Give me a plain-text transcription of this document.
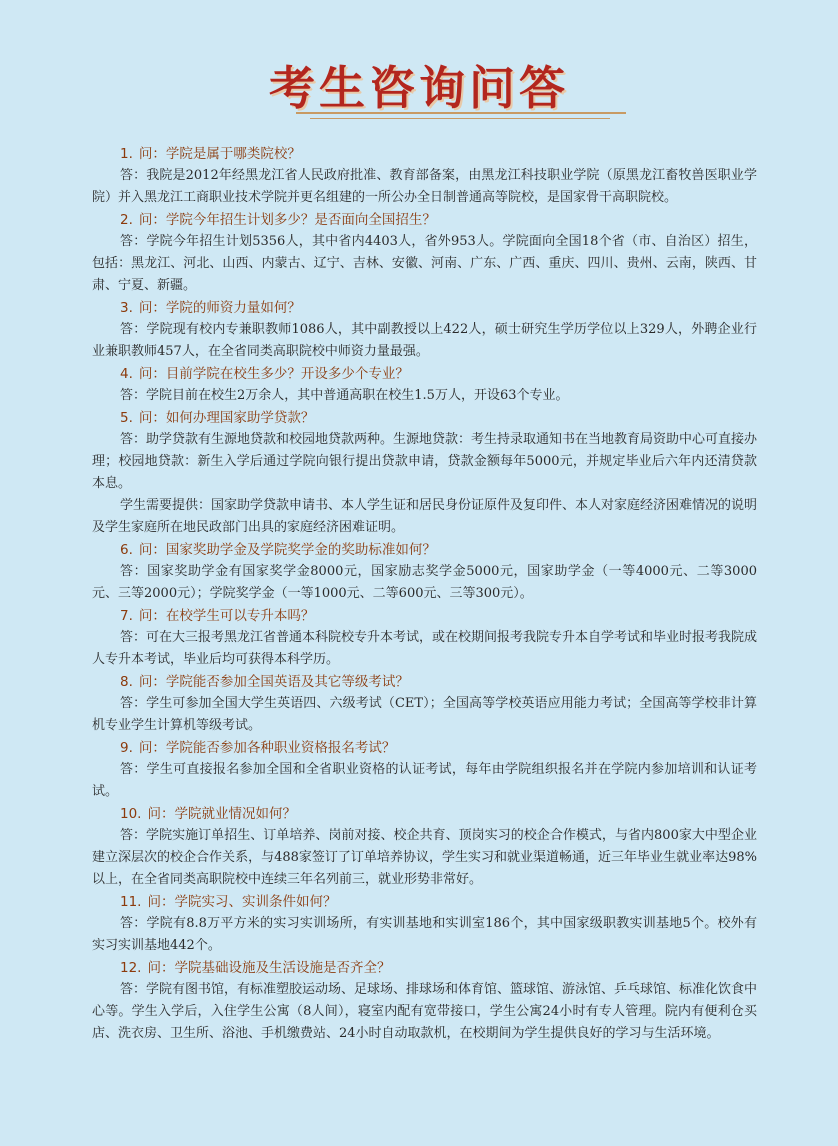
考生咨询问答

1. 问：学院是属于哪类院校？

答：我院是2012年经黑龙江省人民政府批准、教育部备案，由黑龙江科技职业学院（原黑龙江畜牧兽医职业学院）并入黑龙江工商职业技术学院并更名组建的一所公办全日制普通高等院校，是国家骨干高职院校。

2. 问：学院今年招生计划多少？是否面向全国招生？

答：学院今年招生计划5356人，其中省内4403人，省外953人。学院面向全国18个省（市、自治区）招生，包括：黑龙江、河北、山西、内蒙古、辽宁、吉林、安徽、河南、广东、广西、重庆、四川、贵州、云南，陕西、甘肃、宁夏、新疆。

3. 问：学院的师资力量如何？

答：学院现有校内专兼职教师1086人，其中副教授以上422人，硕士研究生学历学位以上329人，外聘企业行业兼职教师457人，在全省同类高职院校中师资力量最强。

4. 问：目前学院在校生多少？开设多少个专业？

答：学院目前在校生2万余人，其中普通高职在校生1.5万人，开设63个专业。

5. 问：如何办理国家助学贷款？

答：助学贷款有生源地贷款和校园地贷款两种。生源地贷款：考生持录取通知书在当地教育局资助中心可直接办理；校园地贷款：新生入学后通过学院向银行提出贷款申请，贷款金额每年5000元，并规定毕业后六年内还清贷款本息。

学生需要提供：国家助学贷款申请书、本人学生证和居民身份证原件及复印件、本人对家庭经济困难情况的说明及学生家庭所在地民政部门出具的家庭经济困难证明。

6. 问：国家奖助学金及学院奖学金的奖助标准如何？

答：国家奖助学金有国家奖学金8000元，国家励志奖学金5000元，国家助学金（一等4000元、二等3000元、三等2000元）；学院奖学金（一等1000元、二等600元、三等300元）。

7. 问：在校学生可以专升本吗？

答：可在大三报考黑龙江省普通本科院校专升本考试，或在校期间报考我院专升本自学考试和毕业时报考我院成人专升本考试，毕业后均可获得本科学历。

8. 问：学院能否参加全国英语及其它等级考试？

答：学生可参加全国大学生英语四、六级考试（CET）；全国高等学校英语应用能力考试；全国高等学校非计算机专业学生计算机等级考试。

9. 问：学院能否参加各种职业资格报名考试？

答：学生可直接报名参加全国和全省职业资格的认证考试，每年由学院组织报名并在学院内参加培训和认证考试。

10. 问：学院就业情况如何？

答：学院实施订单招生、订单培养、岗前对接、校企共育、顶岗实习的校企合作模式，与省内800家大中型企业建立深层次的校企合作关系，与488家签订了订单培养协议，学生实习和就业渠道畅通，近三年毕业生就业率达98%以上，在全省同类高职院校中连续三年名列前三，就业形势非常好。

11. 问：学院实习、实训条件如何？

答：学院有8.8万平方米的实习实训场所，有实训基地和实训室186个，其中国家级职教实训基地5个。校外有实习实训基地442个。

12. 问：学院基础设施及生活设施是否齐全？

答：学院有图书馆，有标准塑胶运动场、足球场、排球场和体育馆、篮球馆、游泳馆、乒乓球馆、标准化饮食中心等。学生入学后，入住学生公寓（8人间），寝室内配有宽带接口，学生公寓24小时有专人管理。院内有便利仓买店、洗衣房、卫生所、浴池、手机缴费站、24小时自动取款机，在校期间为学生提供良好的学习与生活环境。
